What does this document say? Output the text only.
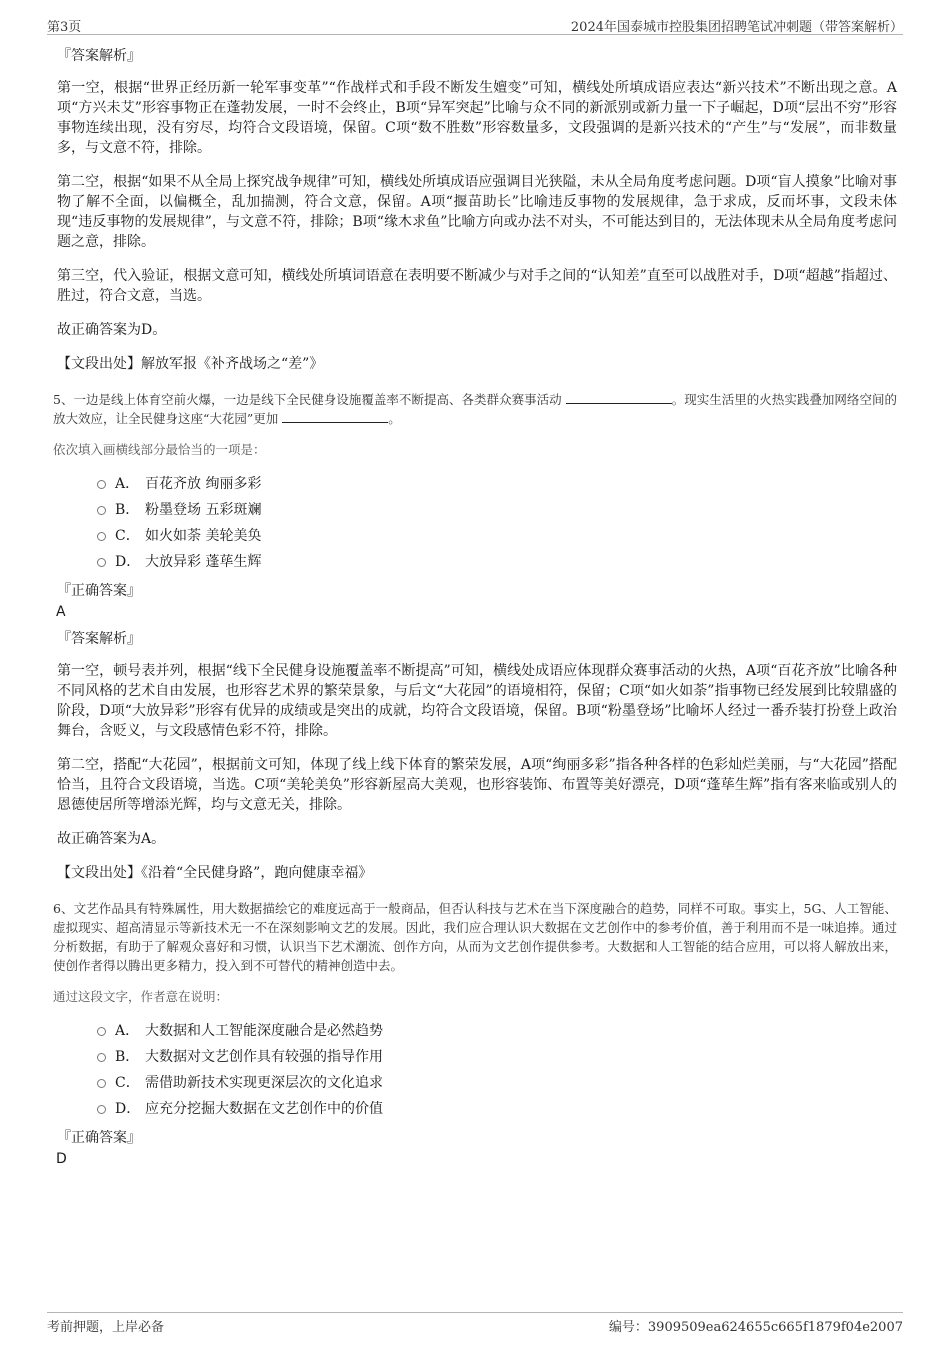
第3页	2024年国泰城市控股集团招聘笔试冲刺题（带答案解析）
『答案解析』

第一空，根据“世界正经历新一轮军事变革”“作战样式和手段不断发生嬗变”可知，横线处所填成语应表达“新兴技术”不断出现之意。A项“方兴未艾”形容事物正在蓬勃发展，一时不会终止，B项“异军突起”比喻与众不同的新派别或新力量一下子崛起，D项“层出不穷”形容事物连续出现，没有穷尽，均符合文段语境，保留。C项“数不胜数”形容数量多，文段强调的是新兴技术的“产生”与“发展”，而非数量多，与文意不符，排除。

第二空，根据“如果不从全局上探究战争规律”可知，横线处所填成语应强调目光狭隘，未从全局角度考虑问题。D项“盲人摸象”比喻对事物了解不全面，以偏概全，乱加揣测，符合文意，保留。A项“揠苗助长”比喻违反事物的发展规律，急于求成，反而坏事，文段未体现“违反事物的发展规律”，与文意不符，排除；B项“缘木求鱼”比喻方向或办法不对头，不可能达到目的，无法体现未从全局角度考虑问题之意，排除。

第三空，代入验证，根据文意可知，横线处所填词语意在表明要不断减少与对手之间的“认知差”直至可以战胜对手，D项“超越”指超过、胜过，符合文意，当选。

故正确答案为D。

【文段出处】解放军报《补齐战场之“差”》
5、一边是线上体育空前火爆，一边是线下全民健身设施覆盖率不断提高、各类群众赛事活动	。现实生活里的火热实践叠加网络空间的放大效应，让全民健身这座“大花园”更加	。
依次填入画横线部分最恰当的一项是：
A． 百花齐放 绚丽多彩
B． 粉墨登场 五彩斑斓
C． 如火如荼 美轮美奂
D． 大放异彩 蓬荜生辉
『正确答案』
A
『答案解析』

第一空，顿号表并列，根据“线下全民健身设施覆盖率不断提高”可知，横线处成语应体现群众赛事活动的火热，A项“百花齐放”比喻各种不同风格的艺术自由发展，也形容艺术界的繁荣景象，与后文“大花园”的语境相符，保留；C项“如火如荼”指事物已经发展到比较鼎盛的阶段，D项“大放异彩”形容有优异的成绩或是突出的成就，均符合文段语境，保留。B项“粉墨登场”比喻坏人经过一番乔装打扮登上政治舞台，含贬义，与文段感情色彩不符，排除。

第二空，搭配“大花园”，根据前文可知，体现了线上线下体育的繁荣发展，A项“绚丽多彩”指各种各样的色彩灿烂美丽，与“大花园”搭配恰当，且符合文段语境，当选。C项“美轮美奂”形容新屋高大美观，也形容装饰、布置等美好漂亮，D项“蓬荜生辉”指有客来临或别人的恩德使居所等增添光辉，均与文意无关，排除。

故正确答案为A。

【文段出处】《沿着“全民健身路”，跑向健康幸福》
6、文艺作品具有特殊属性，用大数据描绘它的难度远高于一般商品，但否认科技与艺术在当下深度融合的趋势，同样不可取。事实上，5G、人工智能、虚拟现实、超高清显示等新技术无一不在深刻影响文艺的发展。因此，我们应合理认识大数据在文艺创作中的参考价值，善于利用而不是一味追捧。通过分析数据，有助于了解观众喜好和习惯，认识当下艺术潮流、创作方向，从而为文艺创作提供参考。大数据和人工智能的结合应用，可以将人解放出来，使创作者得以腾出更多精力，投入到不可替代的精神创造中去。
通过这段文字，作者意在说明：
A． 大数据和人工智能深度融合是必然趋势
B． 大数据对文艺创作具有较强的指导作用
C． 需借助新技术实现更深层次的文化追求
D． 应充分挖掘大数据在文艺创作中的价值
『正确答案』
D
考前押题，上岸必备	编号：3909509ea624655c665f1879f04e2007
